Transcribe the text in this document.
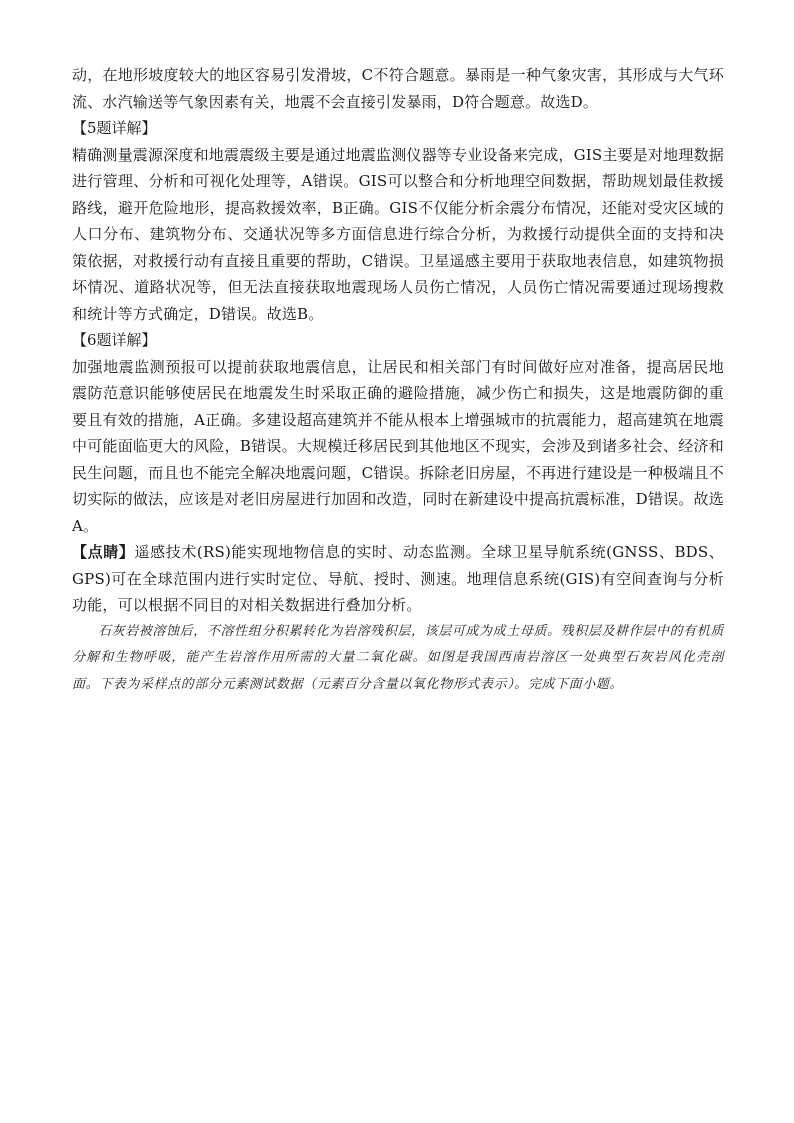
动，在地形坡度较大的地区容易引发滑坡，C不符合题意。暴雨是一种气象灾害，其形成与大气环流、水汽输送等气象因素有关，地震不会直接引发暴雨，D符合题意。故选D。

【5题详解】

精确测量震源深度和地震震级主要是通过地震监测仪器等专业设备来完成，GIS主要是对地理数据进行管理、分析和可视化处理等，A错误。GIS可以整合和分析地理空间数据，帮助规划最佳救援路线，避开危险地形，提高救援效率，B正确。GIS不仅能分析余震分布情况，还能对受灾区域的人口分布、建筑物分布、交通状况等多方面信息进行综合分析，为救援行动提供全面的支持和决策依据，对救援行动有直接且重要的帮助，C错误。卫星遥感主要用于获取地表信息，如建筑物损坏情况、道路状况等，但无法直接获取地震现场人员伤亡情况，人员伤亡情况需要通过现场搜救和统计等方式确定，D错误。故选B。

【6题详解】

加强地震监测预报可以提前获取地震信息，让居民和相关部门有时间做好应对准备，提高居民地震防范意识能够使居民在地震发生时采取正确的避险措施，减少伤亡和损失，这是地震防御的重要且有效的措施，A正确。多建设超高建筑并不能从根本上增强城市的抗震能力，超高建筑在地震中可能面临更大的风险，B错误。大规模迁移居民到其他地区不现实，会涉及到诸多社会、经济和民生问题，而且也不能完全解决地震问题，C错误。拆除老旧房屋，不再进行建设是一种极端且不切实际的做法，应该是对老旧房屋进行加固和改造，同时在新建设中提高抗震标准，D错误。故选A。

【点睛】遥感技术(RS)能实现地物信息的实时、动态监测。全球卫星导航系统(GNSS、BDS、GPS)可在全球范围内进行实时定位、导航、授时、测速。地理信息系统(GIS)有空间查询与分析功能，可以根据不同目的对相关数据进行叠加分析。

石灰岩被溶蚀后，不溶性组分积累转化为岩溶残积层，该层可成为成土母质。残积层及耕作层中的有机质分解和生物呼吸，能产生岩溶作用所需的大量二氧化碳。如图是我国西南岩溶区一处典型石灰岩风化壳剖面。下表为采样点的部分元素测试数据（元素百分含量以氧化物形式表示）。完成下面小题。
